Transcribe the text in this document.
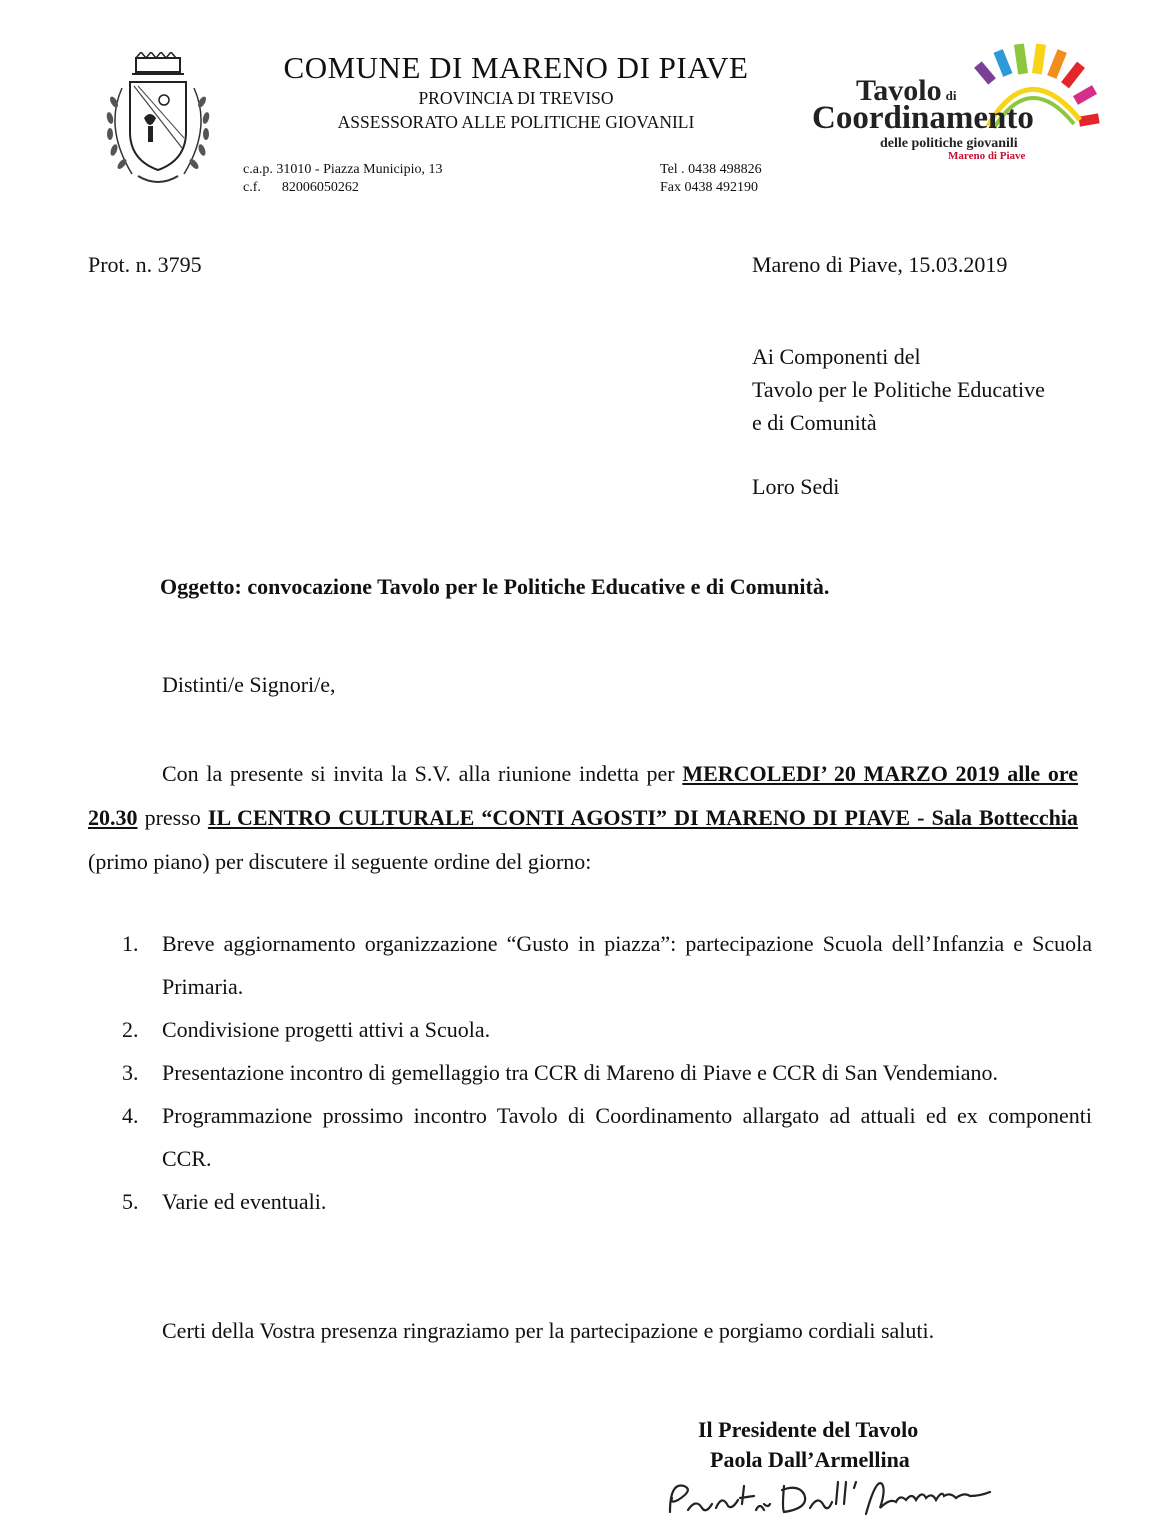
COMUNE DI MARENO DI PIAVE
PROVINCIA DI TREVISO
ASSESSORATO ALLE POLITICHE GIOVANILI
c.a.p. 31010 - Piazza Municipio, 13
c.f.      82006050262
Tel . 0438 498826
Fax 0438 492190
Tavolo di
Coordinamento
delle politiche giovanili
Mareno di Piave
Prot. n. 3795	Mareno di Piave, 15.03.2019
Ai Componenti del
Tavolo per le Politiche Educative
e di Comunità
Loro Sedi
Oggetto: convocazione Tavolo per le Politiche Educative e di Comunità.
Distinti/e Signori/e,
Con la presente si invita la S.V. alla riunione indetta per MERCOLEDI’ 20 MARZO 2019 alle ore 20.30 presso IL CENTRO CULTURALE “CONTI AGOSTI” DI MARENO DI PIAVE - Sala Bottecchia (primo piano) per discutere il seguente ordine del giorno:
1. Breve aggiornamento organizzazione “Gusto in piazza”: partecipazione Scuola dell’Infanzia e Scuola Primaria.
2. Condivisione progetti attivi a Scuola.
3. Presentazione incontro di gemellaggio tra CCR di Mareno di Piave e CCR di San Vendemiano.
4. Programmazione prossimo incontro Tavolo di Coordinamento allargato ad attuali ed ex componenti CCR.
5. Varie ed eventuali.
Certi della Vostra presenza ringraziamo per la partecipazione e porgiamo cordiali saluti.
Il Presidente del Tavolo
Paola Dall’Armellina
